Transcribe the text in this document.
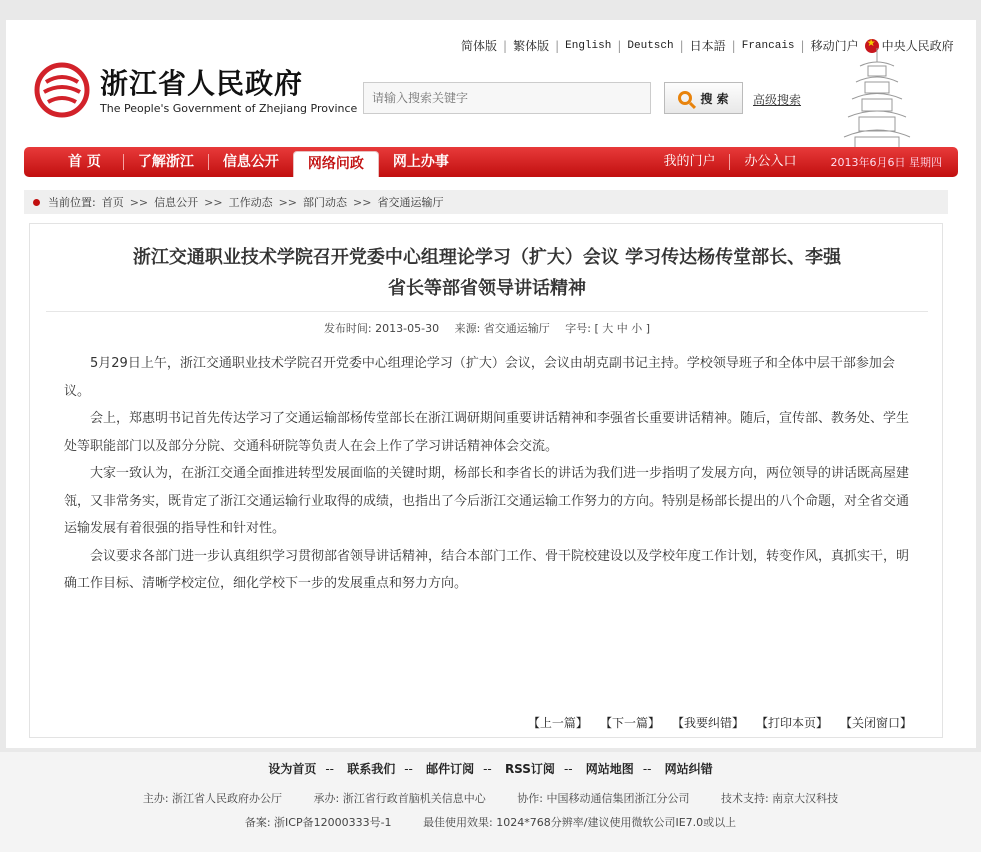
简体版 | 繁体版 | English | Deutsch | 日本語 | Francais | 移动门户
★	中央人民政府
浙江省人民政府
The People's Government of Zhejiang Province
请输入搜索关键字
搜 索 高级搜索
首 页	了解浙江	信息公开	网络问政	网上办事	我的门户	办公入口	2013年6月6日 星期四
当前位置: 首页 >> 信息公开 >> 工作动态 >> 部门动态 >> 省交通运输厅
浙江交通职业技术学院召开党委中心组理论学习（扩大）会议 学习传达杨传堂部长、李强
省长等部省领导讲话精神
发布时间: 2013-05-30 来源: 省交通运输厅 字号: [ 大 中 小 ]

5月29日上午，浙江交通职业技术学院召开党委中心组理论学习（扩大）会议，会议由胡克副书记主持。学校领导班子和全体中层干部参加会议。

会上，郑惠明书记首先传达学习了交通运输部杨传堂部长在浙江调研期间重要讲话精神和李强省长重要讲话精神。随后，宣传部、教务处、学生处等职能部门以及部分分院、交通科研院等负责人在会上作了学习讲话精神体会交流。

大家一致认为，在浙江交通全面推进转型发展面临的关键时期，杨部长和李省长的讲话为我们进一步指明了发展方向，两位领导的讲话既高屋建瓴，又非常务实，既肯定了浙江交通运输行业取得的成绩，也指出了今后浙江交通运输工作努力的方向。特别是杨部长提出的八个命题，对全省交通运输发展有着很强的指导性和针对性。

会议要求各部门进一步认真组织学习贯彻部省领导讲话精神，结合本部门工作、骨干院校建设以及学校年度工作计划，转变作风，真抓实干，明确工作目标、清晰学校定位，细化学校下一步的发展重点和努力方向。

【上一篇】 【下一篇】 【我要纠错】 【打印本页】 【关闭窗口】
设为首页 -- 联系我们 -- 邮件订阅 -- RSS订阅 -- 网站地图 -- 网站纠错
主办: 浙江省人民政府办公厅	承办: 浙江省行政首脑机关信息中心	协作: 中国移动通信集团浙江分公司	技术支持: 南京大汉科技
备案: 浙ICP备12000333号-1	最佳使用效果: 1024*768分辨率/建议使用微软公司IE7.0或以上
